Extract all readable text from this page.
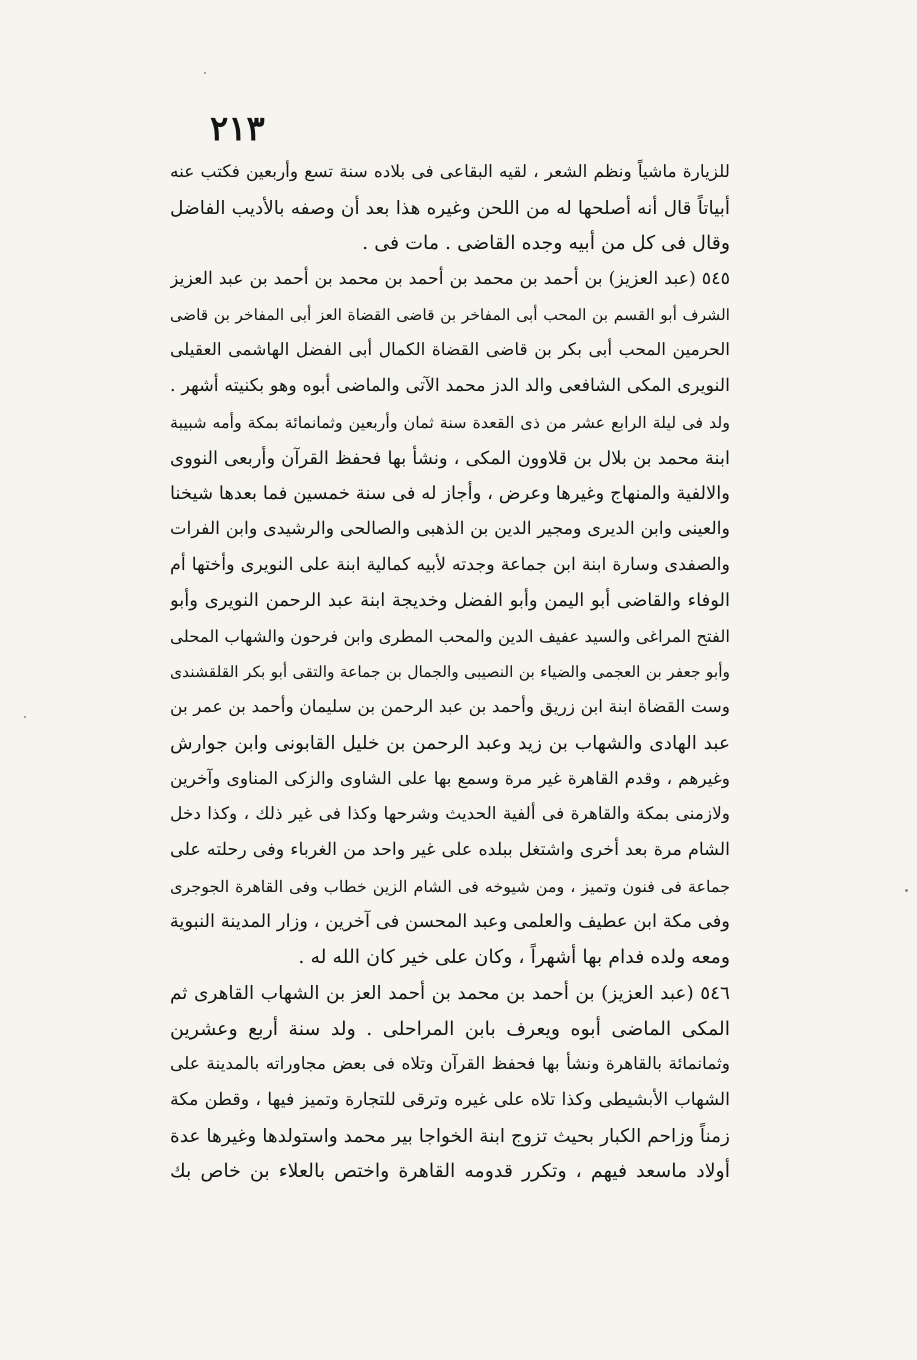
٢١٣
للزيارة ماشياً ونظم الشعر ، لقيه البقاعى فى بلاده سنة تسع وأربعين فكتب عنه
أبياتاً قال أنه أصلحها له من اللحن وغيره هذا بعد أن وصفه بالأديب الفاضل
وقال فى كل من أبيه وجده القاضى . مات فى .
٥٤٥ (عبد العزيز) بن أحمد بن محمد بن أحمد بن محمد بن أحمد بن عبد العزيز
الشرف أبو القسم بن المحب أبى المفاخر بن قاضى القضاة العز أبى المفاخر بن قاضى
الحرمين المحب أبى بكر بن قاضى القضاة الكمال أبى الفضل الهاشمى العقيلى
النويرى المكى الشافعى والد الدز محمد الآتى والماضى أبوه وهو بكنيته أشهر .
ولد فى ليلة الرابع عشر من ذى القعدة سنة ثمان وأربعين وثمانمائة بمكة وأمه شبيبة
ابنة محمد بن بلال بن قلاوون المكى ، ونشأ بها فحفظ القرآن وأربعى النووى
والالفية والمنهاج وغيرها وعرض ، وأجاز له فى سنة خمسين فما بعدها شيخنا
والعينى وابن الديرى ومجير الدين بن الذهبى والصالحى والرشيدى وابن الفرات
والصفدى وسارة ابنة ابن جماعة وجدته لأبيه كمالية ابنة على النويرى وأختها أم
الوفاء والقاضى أبو اليمن وأبو الفضل وخديجة ابنة عبد الرحمن النويرى وأبو
الفتح المراغى والسيد عفيف الدين والمحب المطرى وابن فرحون والشهاب المحلى
وأبو جعفر بن العجمى والضياء بن النصيبى والجمال بن جماعة والتقى أبو بكر القلقشندى
وست القضاة ابنة ابن زريق وأحمد بن عبد الرحمن بن سليمان وأحمد بن عمر بن
عبد الهادى والشهاب بن زيد وعبد الرحمن بن خليل القابونى وابن جوارش
وغيرهم ، وقدم القاهرة غير مرة وسمع بها على الشاوى والزكى المناوى وآخرين
ولازمنى بمكة والقاهرة فى ألفية الحديث وشرحها وكذا فى غير ذلك ، وكذا دخل
الشام مرة بعد أخرى واشتغل ببلده على غير واحد من الغرباء وفى رحلته على
جماعة فى فنون وتميز ، ومن شيوخه فى الشام الزين خطاب وفى القاهرة الجوجرى
وفى مكة ابن عطيف والعلمى وعبد المحسن فى آخرين ، وزار المدينة النبوية
ومعه ولده فدام بها أشهراً ، وكان على خير كان الله له .
٥٤٦ (عبد العزيز) بن أحمد بن محمد بن أحمد العز بن الشهاب القاهرى ثم
المكى الماضى أبوه ويعرف بابن المراحلى . ولد سنة أربع وعشرين
وثمانمائة بالقاهرة ونشأ بها فحفظ القرآن وتلاه فى بعض مجاوراته بالمدينة على
الشهاب الأبشيطى وكذا تلاه على غيره وترقى للتجارة وتميز فيها ، وقطن مكة
زمناً وزاحم الكبار بحيث تزوج ابنة الخواجا بير محمد واستولدها وغيرها عدة
أولاد ماسعد فيهم ، وتكرر قدومه القاهرة واختص بالعلاء بن خاص بك
